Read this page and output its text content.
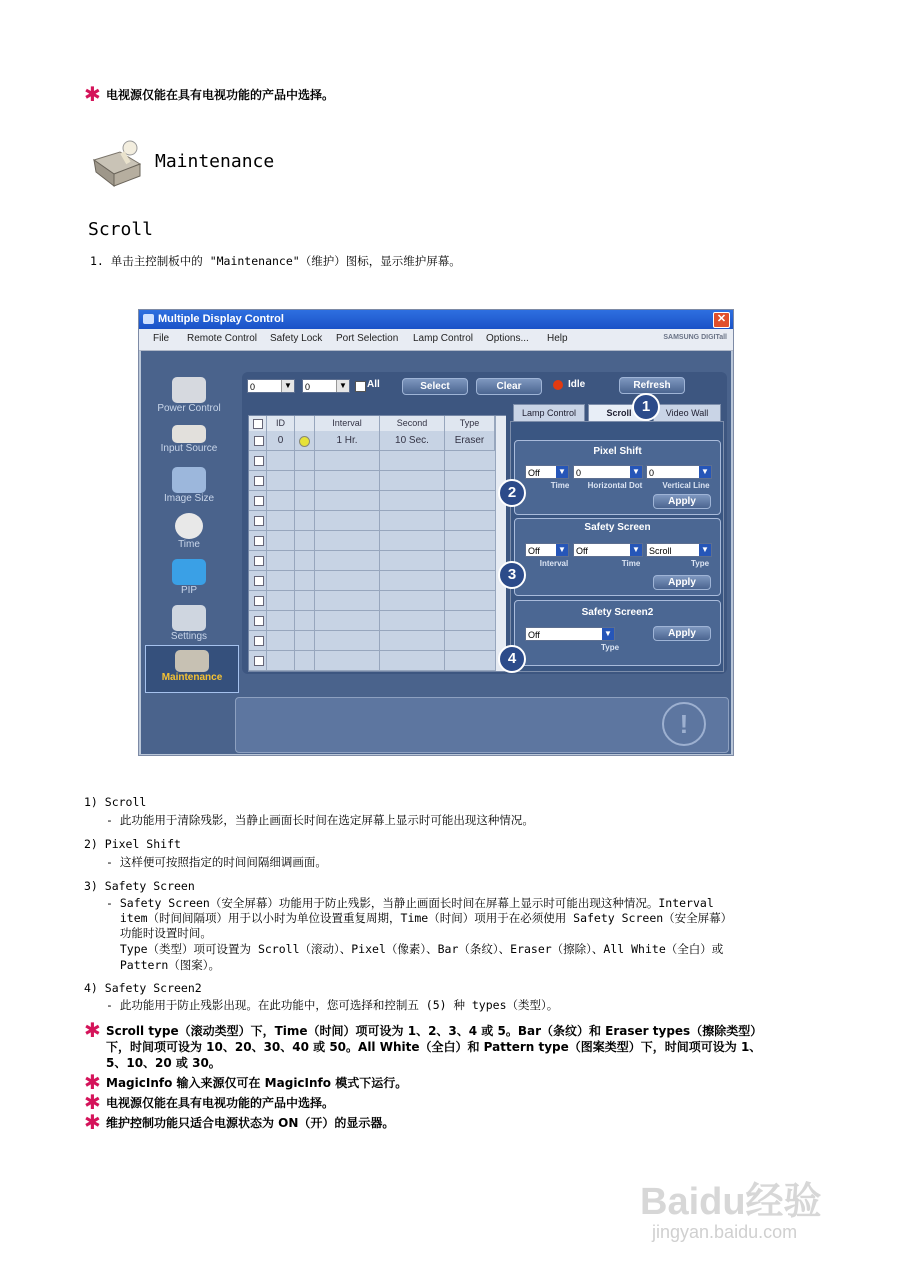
✱ 电视源仅能在具有电视功能的产品中选择。
Maintenance
Scroll
1. 单击主控制板中的 "Maintenance"（维护）图标，显示维护屏幕。
Multiple Display Control	✕
File Remote Control Safety Lock Port Selection Lamp Control Options... Help	SAMSUNG DIGITall
Power Control
Input Source
Image Size
Time
PIP
Settings
Maintenance
0	▼	0	▼ All	Select	Clear	Idle	Refresh
ID	Interval	Second	Type
0	1 Hr.	10 Sec.	Eraser
Lamp Control	Scroll	Video Wall
Pixel Shift
Off ▼	0	▼	0	▼
Time	Horizontal Dot	Vertical Line
Apply
Safety Screen
Off ▼	Off	▼	Scroll	▼
Interval	Time	Type
Apply
Safety Screen2
Off	▼
Type
Apply
1
2
3
4
!
1) Scroll
- 此功能用于清除残影，当静止画面长时间在选定屏幕上显示时可能出现这种情况。
2) Pixel Shift
- 这样便可按照指定的时间间隔细调画面。
3) Safety Screen
- Safety Screen（安全屏幕）功能用于防止残影，当静止画面长时间在屏幕上显示时可能出现这种情况。Interval
item（时间间隔项）用于以小时为单位设置重复周期，Time（时间）项用于在必须使用 Safety Screen（安全屏幕）
功能时设置时间。
Type（类型）项可设置为 Scroll（滚动）、Pixel（像素）、Bar（条纹）、Eraser（擦除）、All White（全白）或
Pattern（图案）。
4) Safety Screen2
- 此功能用于防止残影出现。在此功能中，您可选择和控制五 (5) 种 types（类型）。
✱ Scroll type（滚动类型）下，Time（时间）项可设为 1、2、3、4 或 5。Bar（条纹）和 Eraser types（擦除类型）
下，时间项可设为 10、20、30、40 或 50。All White（全白）和 Pattern type（图案类型）下，时间项可设为 1、
5、10、20 或 30。
✱ MagicInfo 输入来源仅可在 MagicInfo 模式下运行。
✱ 电视源仅能在具有电视功能的产品中选择。
✱ 维护控制功能只适合电源状态为 ON（开）的显示器。
Baidu经验
jingyan.baidu.com
